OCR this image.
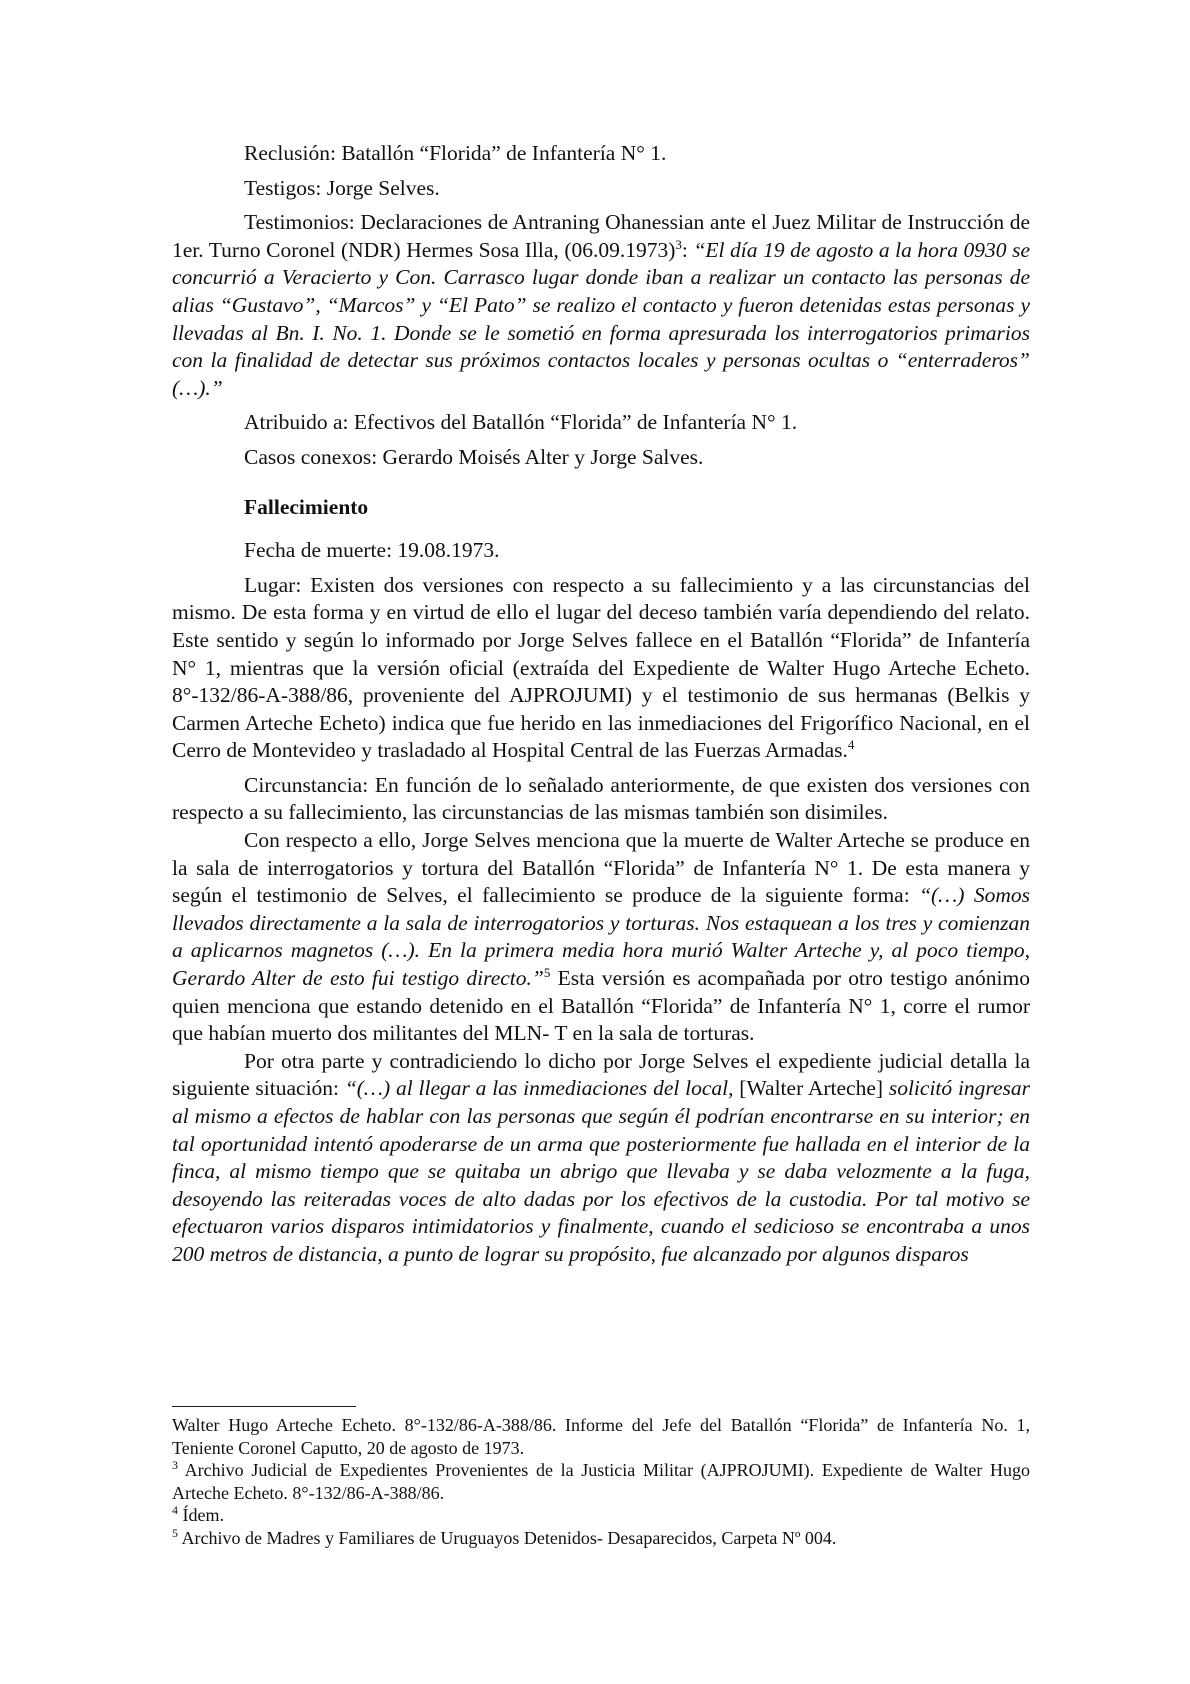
Reclusión: Batallón “Florida” de Infantería N° 1.

Testigos: Jorge Selves.

Testimonios: Declaraciones de Antraning Ohanessian ante el Juez Militar de Instrucción de 1er. Turno Coronel (NDR) Hermes Sosa Illa, $(06.09.1973)^3$: “El día 19 de agosto a la hora 0930 se concurrió a Veracierto y Con. Carrasco lugar donde iban a realizar un contacto las personas de alias “Gustavo”, “Marcos” y “El Pato” se realizo el contacto y fueron detenidas estas personas y llevadas al Bn. I. No. 1. Donde se le sometió en forma apresurada los interrogatorios primarios con la finalidad de detectar sus próximos contactos locales y personas ocultas o “enterraderos” (…).”

Atribuido a: Efectivos del Batallón “Florida” de Infantería N° 1.

Casos conexos: Gerardo Moisés Alter y Jorge Salves.

Fallecimiento

Fecha de muerte: 19.08.1973.

Lugar: Existen dos versiones con respecto a su fallecimiento y a las circunstancias del mismo. De esta forma y en virtud de ello el lugar del deceso también varía dependiendo del relato. Este sentido y según lo informado por Jorge Selves fallece en el Batallón “Florida” de Infantería N° 1, mientras que la versión oficial (extraída del Expediente de Walter Hugo Arteche Echeto. 8°-132/86-A-388/86, proveniente del AJPROJUMI) y el testimonio de sus hermanas (Belkis y Carmen Arteche Echeto) indica que fue herido en las inmediaciones del Frigorífico Nacional, en el Cerro de Montevideo y trasladado al Hospital Central de las Fuerzas Armadas.$^4$

Circunstancia: En función de lo señalado anteriormente, de que existen dos versiones con respecto a su fallecimiento, las circunstancias de las mismas también son disimiles.

Con respecto a ello, Jorge Selves menciona que la muerte de Walter Arteche se produce en la sala de interrogatorios y tortura del Batallón “Florida” de Infantería N° 1. De esta manera y según el testimonio de Selves, el fallecimiento se produce de la siguiente forma: “(…) Somos llevados directamente a la sala de interrogatorios y torturas. Nos estaquean a los tres y comienzan a aplicarnos magnetos (…). En la primera media hora murió Walter Arteche y, al poco tiempo, Gerardo Alter de esto fui testigo directo.”$^5$ Esta versión es acompañada por otro testigo anónimo quien menciona que estando detenido en el Batallón “Florida” de Infantería N° 1, corre el rumor que habían muerto dos militantes del MLN- T en la sala de torturas.

Por otra parte y contradiciendo lo dicho por Jorge Selves el expediente judicial detalla la siguiente situación: “(…) al llegar a las inmediaciones del local, [Walter Arteche] solicitó ingresar al mismo a efectos de hablar con las personas que según él podrían encontrarse en su interior; en tal oportunidad intentó apoderarse de un arma que posteriormente fue hallada en el interior de la finca, al mismo tiempo que se quitaba un abrigo que llevaba y se daba velozmente a la fuga, desoyendo las reiteradas voces de alto dadas por los efectivos de la custodia. Por tal motivo se efectuaron varios disparos intimidatorios y finalmente, cuando el sedicioso se encontraba a unos 200 metros de distancia, a punto de lograr su propósito, fue alcanzado por algunos disparos

Walter Hugo Arteche Echeto. 8°-132/86-A-388/86. Informe del Jefe del Batallón “Florida” de Infantería No. 1, Teniente Coronel Caputto, 20 de agosto de 1973.

$^3$ Archivo Judicial de Expedientes Provenientes de la Justicia Militar (AJPROJUMI). Expediente de Walter Hugo Arteche Echeto. 8°-132/86-A-388/86.

$^4$ Ídem.

$^5$ Archivo de Madres y Familiares de Uruguayos Detenidos- Desaparecidos, Carpeta Nº 004.
